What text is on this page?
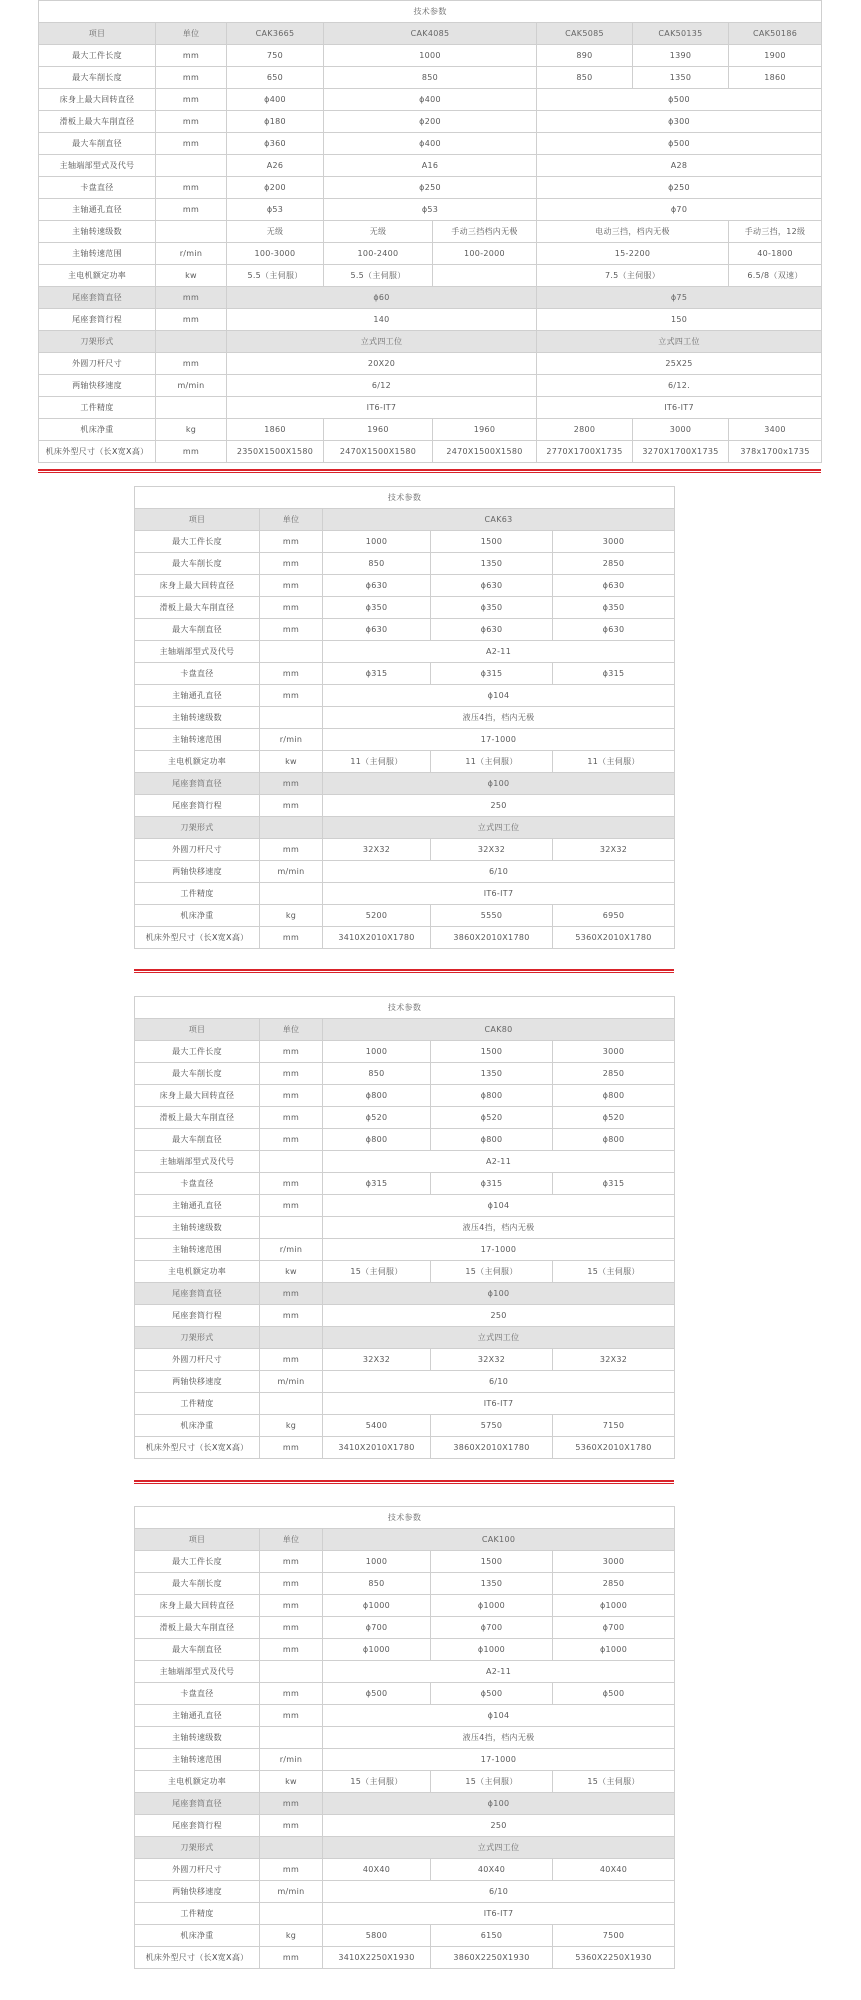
技术参数							
项目	单位	CAK3665	CAK4085		CAK5085	CAK50135	CAK50186
最大工件长度	mm	750	1000		890	1390	1900
最大车削长度	mm	650	850		850	1350	1860
床身上最大回转直径	mm	ϕ400	ϕ400		ϕ500		
滑板上最大车削直径	mm	ϕ180	ϕ200		ϕ300		
最大车削直径	mm	ϕ360	ϕ400		ϕ500		
主轴端部型式及代号		A26	A16		A28		
卡盘直径	mm	ϕ200	ϕ250		ϕ250		
主轴通孔直径	mm	ϕ53	ϕ53		ϕ70		
主轴转速级数		无级	无级	手动三挡档内无极	电动三挡，档内无极		手动三挡，12级
主轴转速范围	r/min	100-3000	100-2400	100-2000	15-2200		40-1800
主电机额定功率	kw	5.5（主伺服）	5.5（主伺服）		7.5（主伺服）		6.5/8（双速）
尾座套筒直径	mm	ϕ60			ϕ75		
尾座套筒行程	mm	140			150		
刀架形式		立式四工位			立式四工位		
外圆刀杆尺寸	mm	20X20			25X25		
两轴快移速度	m/min	6/12			6/12.		
工件精度		IT6-IT7			IT6-IT7		
机床净重	kg	1860	1960	1960	2800	3000	3400
机床外型尺寸（长X宽X高）	mm	2350X1500X1580	2470X1500X1580	2470X1500X1580	2770X1700X1735	3270X1700X1735	378x1700x1735
技术参数				
项目	单位	CAK63		
最大工件长度	mm	1000	1500	3000
最大车削长度	mm	850	1350	2850
床身上最大回转直径	mm	ϕ630	ϕ630	ϕ630
滑板上最大车削直径	mm	ϕ350	ϕ350	ϕ350
最大车削直径	mm	ϕ630	ϕ630	ϕ630
主轴端部型式及代号		A2-11		
卡盘直径	mm	ϕ315	ϕ315	ϕ315
主轴通孔直径	mm	ϕ104		
主轴转速级数		液压4挡，档内无极		
主轴转速范围	r/min	17-1000		
主电机额定功率	kw	11（主伺服）	11（主伺服）	11（主伺服）
尾座套筒直径	mm	ϕ100		
尾座套筒行程	mm	250		
刀架形式		立式四工位		
外圆刀杆尺寸	mm	32X32	32X32	32X32
两轴快移速度	m/min	6/10		
工件精度		IT6-IT7		
机床净重	kg	5200	5550	6950
机床外型尺寸（长X宽X高）	mm	3410X2010X1780	3860X2010X1780	5360X2010X1780
技术参数				
项目	单位	CAK80		
最大工件长度	mm	1000	1500	3000
最大车削长度	mm	850	1350	2850
床身上最大回转直径	mm	ϕ800	ϕ800	ϕ800
滑板上最大车削直径	mm	ϕ520	ϕ520	ϕ520
最大车削直径	mm	ϕ800	ϕ800	ϕ800
主轴端部型式及代号		A2-11		
卡盘直径	mm	ϕ315	ϕ315	ϕ315
主轴通孔直径	mm	ϕ104		
主轴转速级数		液压4挡，档内无极		
主轴转速范围	r/min	17-1000		
主电机额定功率	kw	15（主伺服）	15（主伺服）	15（主伺服）
尾座套筒直径	mm	ϕ100		
尾座套筒行程	mm	250		
刀架形式		立式四工位		
外圆刀杆尺寸	mm	32X32	32X32	32X32
两轴快移速度	m/min	6/10		
工件精度		IT6-IT7		
机床净重	kg	5400	5750	7150
机床外型尺寸（长X宽X高）	mm	3410X2010X1780	3860X2010X1780	5360X2010X1780
技术参数				
项目	单位	CAK100		
最大工件长度	mm	1000	1500	3000
最大车削长度	mm	850	1350	2850
床身上最大回转直径	mm	ϕ1000	ϕ1000	ϕ1000
滑板上最大车削直径	mm	ϕ700	ϕ700	ϕ700
最大车削直径	mm	ϕ1000	ϕ1000	ϕ1000
主轴端部型式及代号		A2-11		
卡盘直径	mm	ϕ500	ϕ500	ϕ500
主轴通孔直径	mm	ϕ104		
主轴转速级数		液压4挡，档内无极		
主轴转速范围	r/min	17-1000		
主电机额定功率	kw	15（主伺服）	15（主伺服）	15（主伺服）
尾座套筒直径	mm	ϕ100		
尾座套筒行程	mm	250		
刀架形式		立式四工位		
外圆刀杆尺寸	mm	40X40	40X40	40X40
两轴快移速度	m/min	6/10		
工件精度		IT6-IT7		
机床净重	kg	5800	6150	7500
机床外型尺寸（长X宽X高）	mm	3410X2250X1930	3860X2250X1930	5360X2250X1930
